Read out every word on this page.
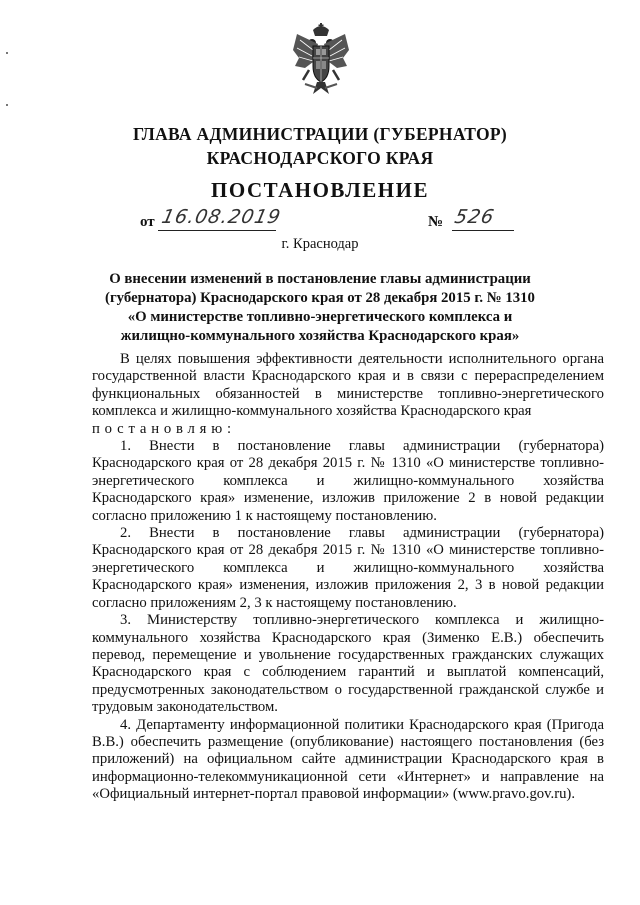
ГЛАВА АДМИНИСТРАЦИИ (ГУБЕРНАТОР)
КРАСНОДАРСКОГО КРАЯ
ПОСТАНОВЛЕНИЕ
от 16.08.2019	№ 526
г. Краснодар
О внесении изменений в постановление главы администрации
(губернатора) Краснодарского края от 28 декабря 2015 г. № 1310
«О министерстве топливно-энергетического комплекса и
жилищно-коммунального хозяйства Краснодарского края»

В целях повышения эффективности деятельности исполнительного органа государственной власти Краснодарского края и в связи с перераспределением функциональных обязанностей в министерстве топливно-энергетического комплекса и жилищно-коммунального хозяйства Краснодарского края

постановляю:

1. Внести в постановление главы администрации (губернатора) Краснодарского края от 28 декабря 2015 г. № 1310 «О министерстве топливно-энергетического комплекса и жилищно-коммунального хозяйства Краснодарского края» изменение, изложив приложение 2 в новой редакции согласно приложению 1 к настоящему постановлению.

2. Внести в постановление главы администрации (губернатора) Краснодарского края от 28 декабря 2015 г. № 1310 «О министерстве топливно-энергетического комплекса и жилищно-коммунального хозяйства Краснодарского края» изменения, изложив приложения 2, 3 в новой редакции согласно приложениям 2, 3 к настоящему постановлению.

3. Министерству топливно-энергетического комплекса и жилищно-коммунального хозяйства Краснодарского края (Зименко Е.В.) обеспечить перевод, перемещение и увольнение государственных гражданских служащих Краснодарского края с соблюдением гарантий и выплатой компенсаций, предусмотренных законодательством о государственной гражданской службе и трудовым законодательством.

4. Департаменту информационной политики Краснодарского края (Пригода В.В.) обеспечить размещение (опубликование) настоящего постановления (без приложений) на официальном сайте администрации Краснодарского края в информационно-телекоммуникационной сети «Интернет» и направление на «Официальный интернет-портал правовой информации» (www.pravo.gov.ru).
